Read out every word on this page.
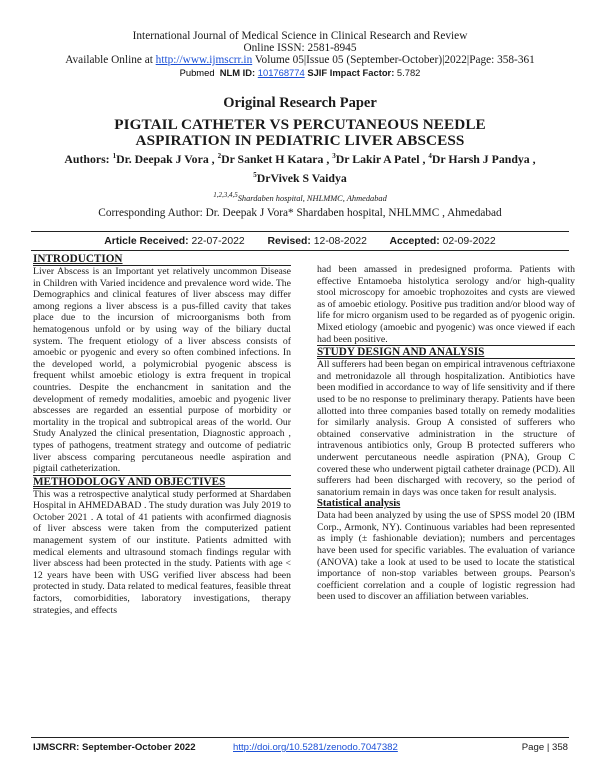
International Journal of Medical Science in Clinical Research and Review
Online ISSN: 2581-8945
Available Online at http://www.ijmscrr.in Volume 05|Issue 05 (September-October)|2022|Page: 358-361
Pubmed NLM ID: 101768774 SJIF Impact Factor: 5.782
Original Research Paper
PIGTAIL CATHETER VS PERCUTANEOUS NEEDLE
ASPIRATION IN PEDIATRIC LIVER ABSCESS
Authors: $^1$Dr. Deepak J Vora , $^2$Dr Sanket H Katara , $^3$Dr Lakir A Patel , $^4$Dr Harsh J Pandya ,
$^5$DrVivek S Vaidya
$^{1,2,3,4,5}$Shardaben hospital, NHLMMC, Ahmedabad
Corresponding Author: Dr. Deepak J Vora* Shardaben hospital, NHLMMC , Ahmedabad
Article Received: 22-07-2022 Revised: 12-08-2022 Accepted: 02-09-2022
INTRODUCTION

Liver Abscess is an Important yet relatively uncommon Disease in Children with Varied incidence and prevalence word wide. The Demographics and clinical features of liver abscess may differ among regions a liver abscess is a pus-filled cavity that takes place due to the incursion of microorganisms both from hematogenous unfold or by using way of the biliary ductal system. The frequent etiology of a liver abscess consists of amoebic or pyogenic and every so often combined infections. In the developed world, a polymicrobial pyogenic abscess is frequent whilst amoebic etiology is extra frequent in tropical countries. Despite the enchancment in sanitation and the development of remedy modalities, amoebic and pyogenic liver abscesses are regarded an essential purpose of morbidity or mortality in the tropical and subtropical areas of the world. Our Study Analyzed the clinical presentation, Diagnostic approach , types of pathogens, treatment strategy and outcome of pediatric liver abscess comparing percutaneous needle aspiration and pigtail catheterization.

METHODOLOGY AND OBJECTIVES

This was a retrospective analytical study performed at Shardaben Hospital in AHMEDABAD . The study duration was July 2019 to October 2021 . A total of 41 patients with aconfirmed diagnosis of liver abscess were taken from the computerized patient management system of our institute. Patients admitted with medical elements and ultrasound stomach findings regular with liver abscess had been protected in the study. Patients with age < 12 years have been with USG verified liver abscess had been protected in study. Data related to medical features, feasible threat factors, comorbidities, laboratory investigations, therapy strategies, and effects

had been amassed in predesigned proforma. Patients with effective Entamoeba histolytica serology and/or high-quality stool microscopy for amoebic trophozoites and cysts are viewed as of amoebic etiology. Positive pus tradition and/or blood way of life for micro organism used to be regarded as of pyogenic origin. Mixed etiology (amoebic and pyogenic) was once viewed if each had been positive.

STUDY DESIGN AND ANALYSIS

All sufferers had been began on empirical intravenous ceftriaxone and metronidazole all through hospitalization. Antibiotics have been modified in accordance to way of life sensitivity and if there used to be no response to preliminary therapy. Patients have been allotted into three companies based totally on remedy modalities for similarly analysis. Group A consisted of sufferers who obtained conservative administration in the structure of intravenous antibiotics only, Group B protected sufferers who underwent percutaneous needle aspiration (PNA), Group C covered these who underwent pigtail catheter drainage (PCD). All sufferers had been discharged with recovery, so the period of sanatorium remain in days was once taken for result analysis.

Statistical analysis

Data had been analyzed by using the use of SPSS model 20 (IBM Corp., Armonk, NY). Continuous variables had been represented as imply (± fashionable deviation); numbers and percentages have been used for specific variables. The evaluation of variance (ANOVA) take a look at used to be used to locate the statistical importance of non-stop variables between groups. Pearson's coefficient correlation and a couple of logistic regression had been used to discover an affiliation between variables.

IJMSCRR: September-October 2022	http://doi.org/10.5281/zenodo.7047382	Page | 358
